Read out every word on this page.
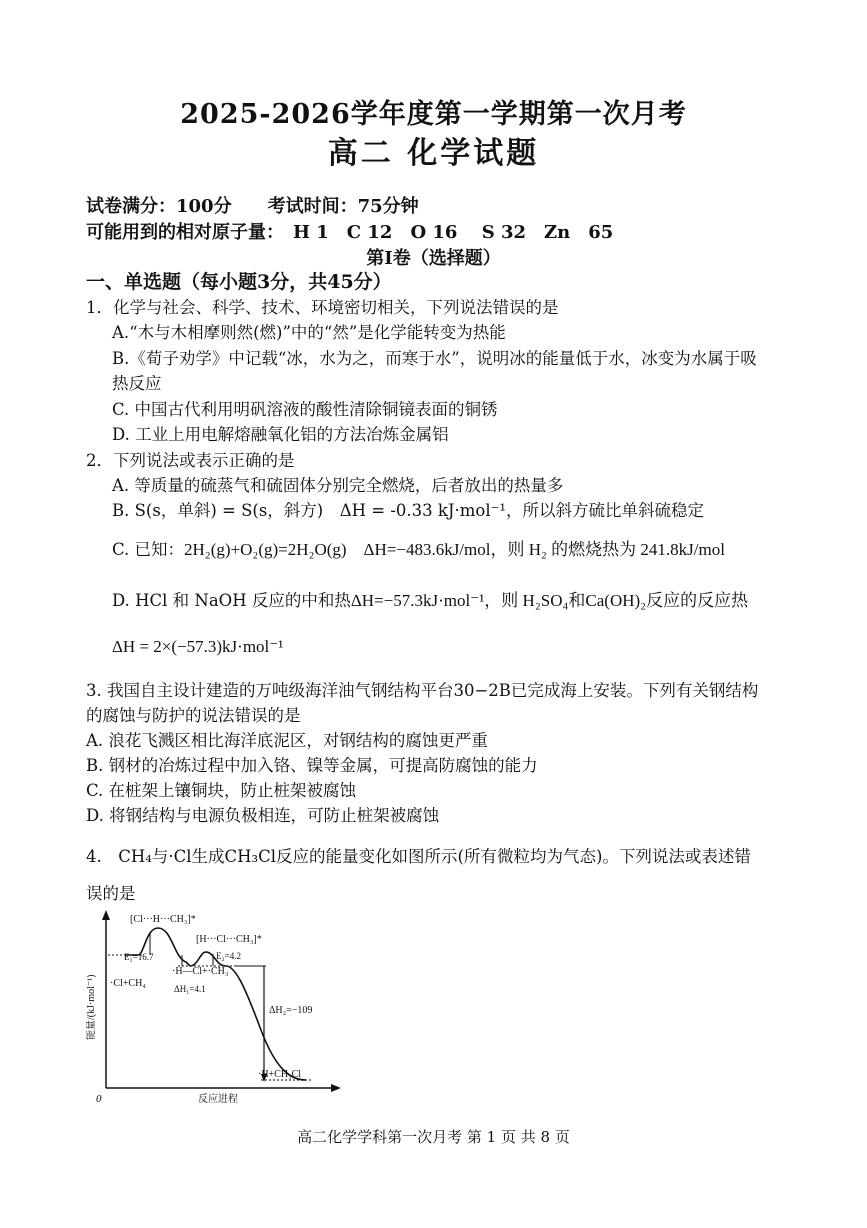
2025-2026学年度第一学期第一次月考
高二 化学试题
试卷满分：100分　　考试时间：75分钟
可能用到的相对原子量：　H 1　C 12　O 16　 S 32　Zn　65
第Ⅰ卷（选择题）
一、单选题（每小题3分，共45分）
1．化学与社会、科学、技术、环境密切相关，下列说法错误的是
A.“木与木相摩则然(燃)”中的“然”是化学能转变为热能
B.《荀子劝学》中记载“冰，水为之，而寒于水”，说明冰的能量低于水，冰变为水属于吸
热反应
C. 中国古代利用明矾溶液的酸性清除铜镜表面的铜锈
D. 工业上用电解熔融氧化铝的方法冶炼金属铝
2．下列说法或表示正确的是
A. 等质量的硫蒸气和硫固体分别完全燃烧，后者放出的热量多
B. S(s，单斜) = S(s，斜方)　ΔH = -0.33 kJ·mol⁻¹，所以斜方硫比单斜硫稳定
C. 已知：2H₂(g)+O₂(g)=2H₂O(g)　ΔH=−483.6kJ/mol，则 H₂ 的燃烧热为 241.8kJ/mol
D. HCl 和 NaOH 反应的中和热ΔH=−57.3kJ·mol⁻¹，则 H₂SO₄和Ca(OH)₂反应的反应热
ΔH = 2×(−57.3)kJ·mol⁻¹
3. 我国自主设计建造的万吨级海洋油气钢结构平台30−2B已完成海上安装。下列有关钢结构
的腐蚀与防护的说法错误的是
A. 浪花飞溅区相比海洋底泥区，对钢结构的腐蚀更严重
B. 钢材的冶炼过程中加入铬、镍等金属，可提高防腐蚀的能力
C. 在桩架上镶铜块，防止桩架被腐蚀
D. 将钢结构与电源负极相连，可防止桩架被腐蚀
4.　CH₄与·Cl生成CH₃Cl反应的能量变化如图所示(所有微粒均为气态)。下列说法或表述错
误的是
[Cl···H···CH₃]*
[H···Cl···CH₃]*
E₁=16.7	E₂=4.2
·Cl+CH₄
·H—Cl+·CH₃
ΔH₁=4.1
ΔH₂=−109
·H+CH₃Cl
能量/(kJ·mol⁻¹)
反应进程
0
高二化学学科第一次月考 第 1 页 共 8 页
